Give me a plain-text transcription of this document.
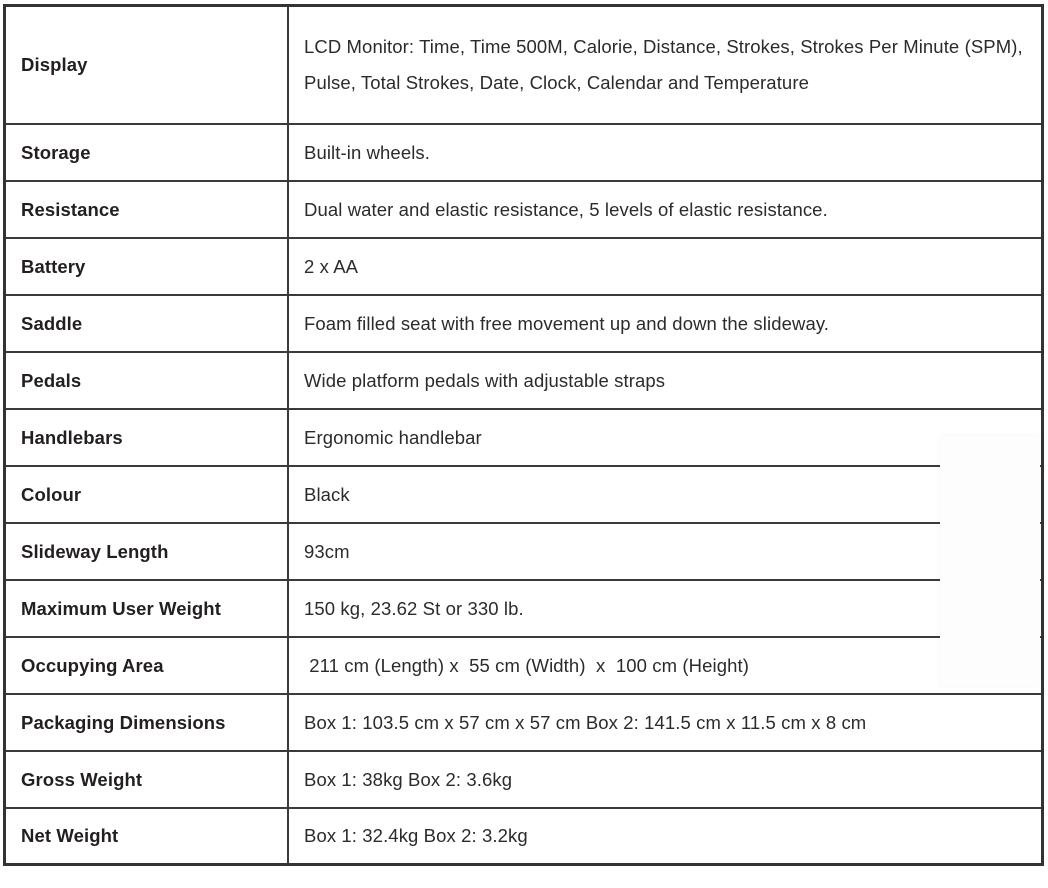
Display	LCD Monitor: Time, Time 500M, Calorie, Distance, Strokes, Strokes Per Minute (SPM), Pulse, Total Strokes, Date, Clock, Calendar and Temperature
Storage	Built-in wheels.
Resistance	Dual water and elastic resistance, 5 levels of elastic resistance.
Battery	2 x AA
Saddle	Foam filled seat with free movement up and down the slideway.
Pedals	Wide platform pedals with adjustable straps
Handlebars	Ergonomic handlebar
Colour	Black
Slideway Length	93cm
Maximum User Weight	150 kg, 23.62 St or 330 lb.
Occupying Area	211 cm (Length) x  55 cm (Width)  x  100 cm (Height)
Packaging Dimensions	Box 1: 103.5 cm x 57 cm x 57 cm Box 2: 141.5 cm x 11.5 cm x 8 cm
Gross Weight	Box 1: 38kg Box 2: 3.6kg
Net Weight	Box 1: 32.4kg Box 2: 3.2kg
